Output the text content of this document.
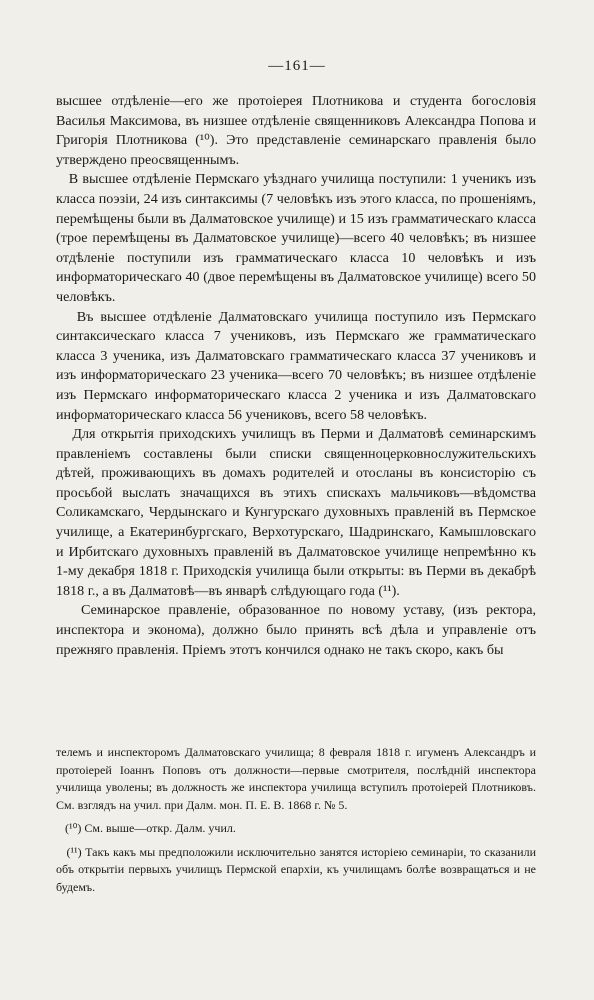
—161—

высшее отдѣленіе—его же протоіерея Плотникова и студента богословія Василья Максимова, въ низшее отдѣленіе священниковъ Александра Попова и Григорія Плотникова (¹⁰). Это представленіе семинарскаго правленія было утверждено преосвященнымъ.

В высшее отдѣленіе Пермскаго уѣзднаго училища поступили: 1 ученикъ изъ класса поэзіи, 24 изъ синтаксимы (7 человѣкъ изъ этого класса, по прошеніямъ, перемѣщены были въ Далматовское училище) и 15 изъ грамматическаго класса (трое перемѣщены въ Далматовское училище)—всего 40 человѣкъ; въ низшее отдѣленіе поступили изъ грамматическаго класса 10 человѣкъ и изъ информаторическаго 40 (двое перемѣщены въ Далматовское училище) всего 50 человѣкъ.

Въ высшее отдѣленіе Далматовскаго училища поступило изъ Пермскаго синтаксическаго класса 7 учениковъ, изъ Пермскаго же грамматическаго класса 3 ученика, изъ Далматовскаго грамматическаго класса 37 учениковъ и изъ информаторическаго 23 ученика—всего 70 человѣкъ; въ низшее отдѣленіе изъ Пермскаго информаторическаго класса 2 ученика и изъ Далматовскаго информаторическаго класса 56 учениковъ, всего 58 человѣкъ.

Для открытія приходскихъ училищъ въ Перми и Далматовѣ семинарскимъ правленіемъ составлены были списки священноцерковнослужительскихъ дѣтей, проживающихъ въ домахъ родителей и отосланы въ консисторію съ просьбой выслать значащихся въ этихъ спискахъ мальчиковъ—вѣдомства Соликамскаго, Чердынскаго и Кунгурскаго духовныхъ правленій въ Пермское училище, а Екатеринбургскаго, Верхотурскаго, Шадринскаго, Камышловскаго и Ирбитскаго духовныхъ правленій въ Далматовское училище непремѣнно къ 1-му декабря 1818 г. Приходскія училища были открыты: въ Перми въ декабрѣ 1818 г., а въ Далматовѣ—въ январѣ слѣдующаго года (¹¹).

Семинарское правленіе, образованное по новому уставу, (изъ ректора, инспектора и эконома), должно было принять всѣ дѣла и управленіе отъ прежняго правленія. Пріемъ этотъ кончился однако не такъ скоро, какъ бы

телемъ и инспекторомъ Далматовскаго училища; 8 февраля 1818 г. игуменъ Александръ и протоіерей Іоаннъ Поповъ отъ должности—первые смотрителя, послѣдній инспектора училища уволены; въ должность же инспектора училища вступилъ протоіерей Плотниковъ. См. взглядъ на учил. при Далм. мон. П. Е. В. 1868 г. № 5.

(¹⁰) См. выше—откр. Далм. учил.

(¹¹) Такъ какъ мы предположили исключительно занятся исторіею семинаріи, то сказанили объ открытіи первыхъ училищъ Пермской епархіи, къ училищамъ болѣе возвращаться и не будемъ.
